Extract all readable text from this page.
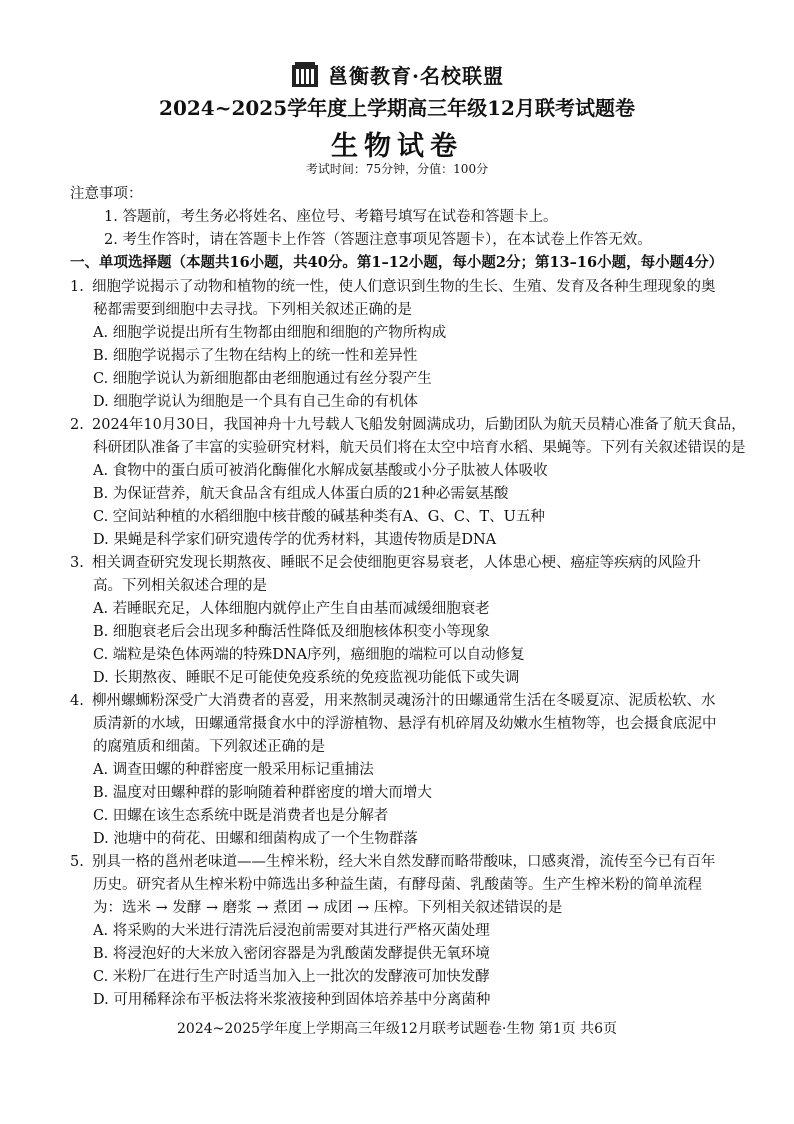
邕衡教育·名校联盟
2024~2025学年度上学期高三年级12月联考试题卷
生物试卷
考试时间：75分钟，分值：100分
注意事项：
1. 答题前，考生务必将姓名、座位号、考籍号填写在试卷和答题卡上。
2. 考生作答时，请在答题卡上作答（答题注意事项见答题卡），在本试卷上作答无效。
一、单项选择题（本题共16小题，共40分。第1–12小题，每小题2分；第13–16小题，每小题4分）
1. 细胞学说揭示了动物和植物的统一性，使人们意识到生物的生长、生殖、发育及各种生理现象的奥
秘都需要到细胞中去寻找。下列相关叙述正确的是
A. 细胞学说提出所有生物都由细胞和细胞的产物所构成
B. 细胞学说揭示了生物在结构上的统一性和差异性
C. 细胞学说认为新细胞都由老细胞通过有丝分裂产生
D. 细胞学说认为细胞是一个具有自己生命的有机体
2. 2024年10月30日，我国神舟十九号载人飞船发射圆满成功，后勤团队为航天员精心准备了航天食品，
科研团队准备了丰富的实验研究材料，航天员们将在太空中培育水稻、果蝇等。下列有关叙述错误的是
A. 食物中的蛋白质可被消化酶催化水解成氨基酸或小分子肽被人体吸收
B. 为保证营养，航天食品含有组成人体蛋白质的21种必需氨基酸
C. 空间站种植的水稻细胞中核苷酸的碱基种类有A、G、C、T、U五种
D. 果蝇是科学家们研究遗传学的优秀材料，其遗传物质是DNA
3. 相关调查研究发现长期熬夜、睡眠不足会使细胞更容易衰老，人体患心梗、癌症等疾病的风险升
高。下列相关叙述合理的是
A. 若睡眠充足，人体细胞内就停止产生自由基而减缓细胞衰老
B. 细胞衰老后会出现多种酶活性降低及细胞核体积变小等现象
C. 端粒是染色体两端的特殊DNA序列，癌细胞的端粒可以自动修复
D. 长期熬夜、睡眠不足可能使免疫系统的免疫监视功能低下或失调
4. 柳州螺蛳粉深受广大消费者的喜爱，用来熬制灵魂汤汁的田螺通常生活在冬暖夏凉、泥质松软、水
质清新的水域，田螺通常摄食水中的浮游植物、悬浮有机碎屑及幼嫩水生植物等，也会摄食底泥中
的腐殖质和细菌。下列叙述正确的是
A. 调查田螺的种群密度一般采用标记重捕法
B. 温度对田螺种群的影响随着种群密度的增大而增大
C. 田螺在该生态系统中既是消费者也是分解者
D. 池塘中的荷花、田螺和细菌构成了一个生物群落
5. 别具一格的邕州老味道——生榨米粉，经大米自然发酵而略带酸味，口感爽滑，流传至今已有百年
历史。研究者从生榨米粉中筛选出多种益生菌，有酵母菌、乳酸菌等。生产生榨米粉的简单流程
为：选米 → 发酵 → 磨浆 → 煮团 → 成团 → 压榨。下列相关叙述错误的是
A. 将采购的大米进行清洗后浸泡前需要对其进行严格灭菌处理
B. 将浸泡好的大米放入密闭容器是为乳酸菌发酵提供无氧环境
C. 米粉厂在进行生产时适当加入上一批次的发酵液可加快发酵
D. 可用稀释涂布平板法将米浆液接种到固体培养基中分离菌种
2024~2025学年度上学期高三年级12月联考试题卷·生物 第1页 共6页
